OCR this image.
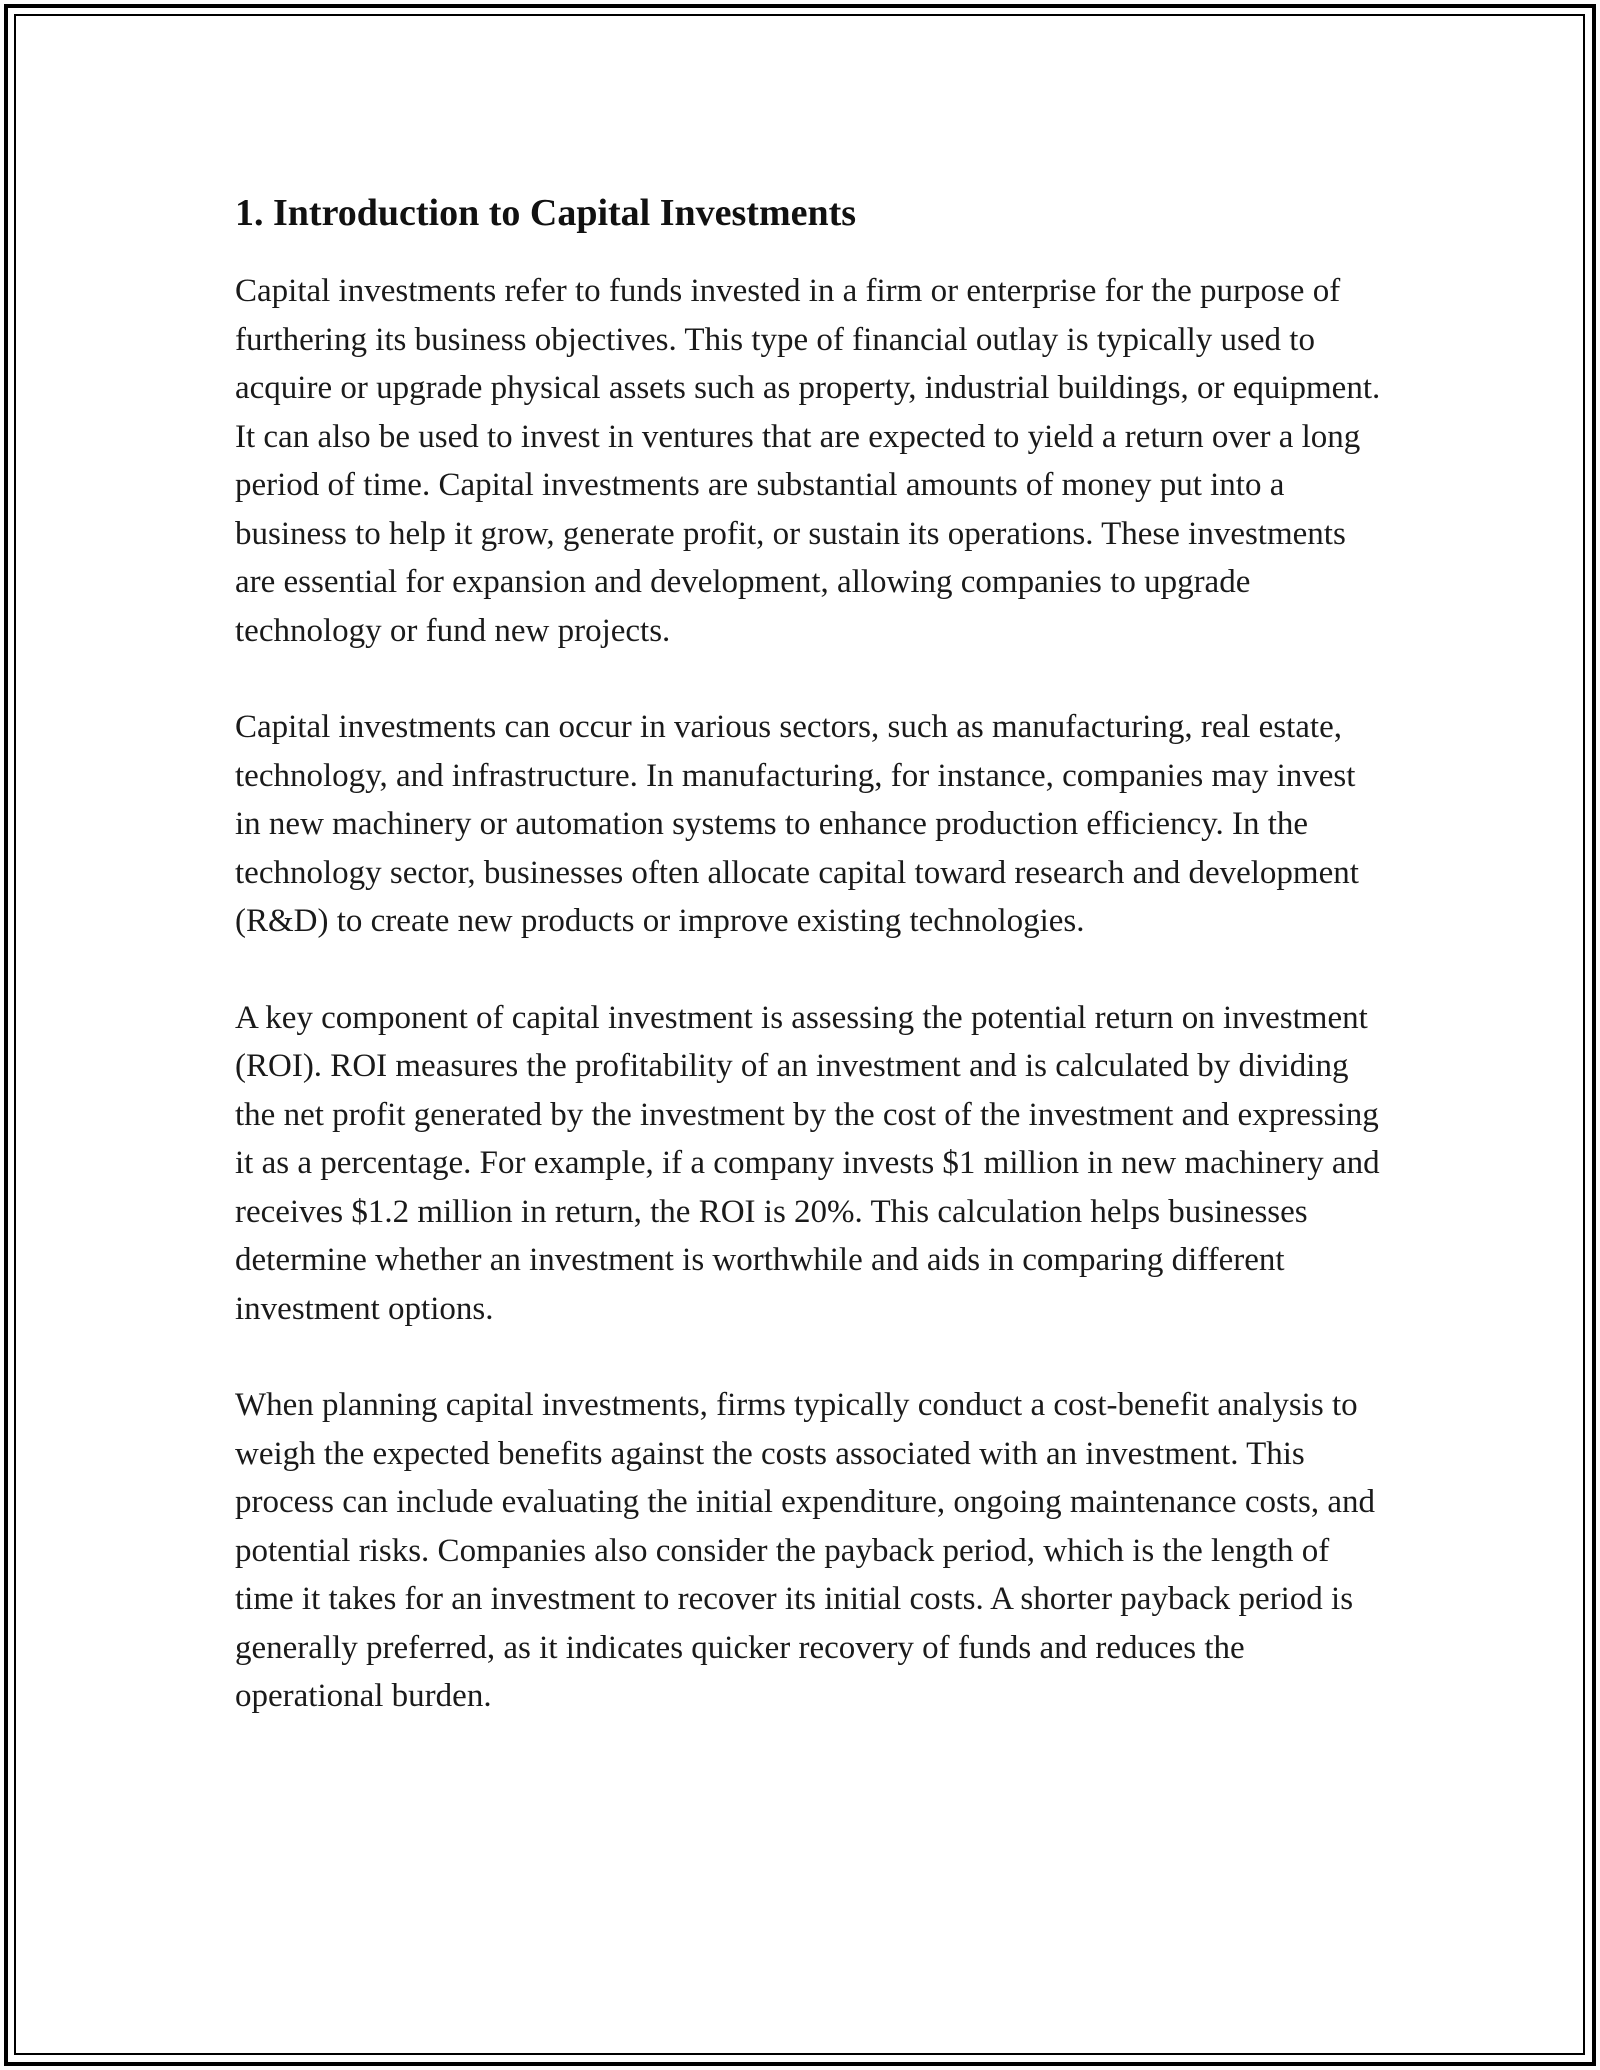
1. Introduction to Capital Investments

Capital investments refer to funds invested in a firm or enterprise for the purpose of furthering its business objectives. This type of financial outlay is typically used to acquire or upgrade physical assets such as property, industrial buildings, or equipment. It can also be used to invest in ventures that are expected to yield a return over a long period of time. Capital investments are substantial amounts of money put into a business to help it grow, generate profit, or sustain its operations. These investments are essential for expansion and development, allowing companies to upgrade technology or fund new projects.

Capital investments can occur in various sectors, such as manufacturing, real estate, technology, and infrastructure. In manufacturing, for instance, companies may invest in new machinery or automation systems to enhance production efficiency. In the technology sector, businesses often allocate capital toward research and development (R&D) to create new products or improve existing technologies.

A key component of capital investment is assessing the potential return on investment (ROI). ROI measures the profitability of an investment and is calculated by dividing the net profit generated by the investment by the cost of the investment and expressing it as a percentage. For example, if a company invests $1 million in new machinery and receives $1.2 million in return, the ROI is 20%. This calculation helps businesses determine whether an investment is worthwhile and aids in comparing different investment options.

When planning capital investments, firms typically conduct a cost-benefit analysis to weigh the expected benefits against the costs associated with an investment. This process can include evaluating the initial expenditure, ongoing maintenance costs, and potential risks. Companies also consider the payback period, which is the length of time it takes for an investment to recover its initial costs. A shorter payback period is generally preferred, as it indicates quicker recovery of funds and reduces the operational burden.
